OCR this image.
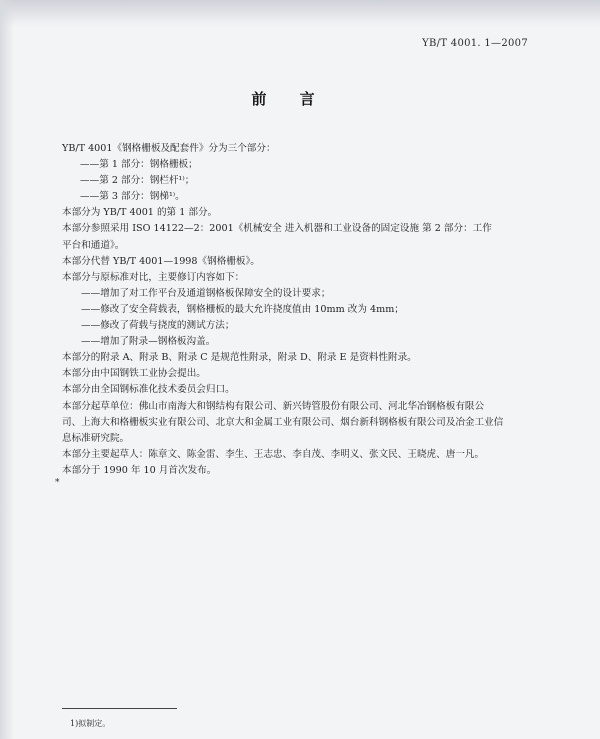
YB/T 4001. 1—2007
前 言
YB/T 4001《钢格栅板及配套件》分为三个部分：
——第 1 部分：钢格栅板；
——第 2 部分：钢栏杆¹⁾；
——第 3 部分：钢梯¹⁾。
本部分为 YB/T 4001 的第 1 部分。
本部分参照采用 ISO 14122—2：2001《机械安全 进入机器和工业设备的固定设施 第 2 部分：工作
平台和通道》。
本部分代替 YB/T 4001—1998《钢格栅板》。
本部分与原标准对比，主要修订内容如下：
——增加了对工作平台及通道钢格板保障安全的设计要求；
——修改了安全荷载表，钢格栅板的最大允许挠度值由 10mm 改为 4mm；
——修改了荷载与挠度的测试方法；
——增加了附录—钢格板沟盖。
本部分的附录 A、附录 B、附录 C 是规范性附录，附录 D、附录 E 是资料性附录。
本部分由中国钢铁工业协会提出。
本部分由全国钢标准化技术委员会归口。
本部分起草单位：佛山市南海大和钢结构有限公司、新兴铸管股份有限公司、河北华冶钢格板有限公
司、上海大和格栅板实业有限公司、北京大和金属工业有限公司、烟台新科钢格板有限公司及冶金工业信
息标准研究院。
本部分主要起草人：陈章文、陈金雷、李生、王志忠、李自茂、李明义、张文民、王晓虎、唐一凡。
本部分于 1990 年 10 月首次发布。
*
1)拟制定。
